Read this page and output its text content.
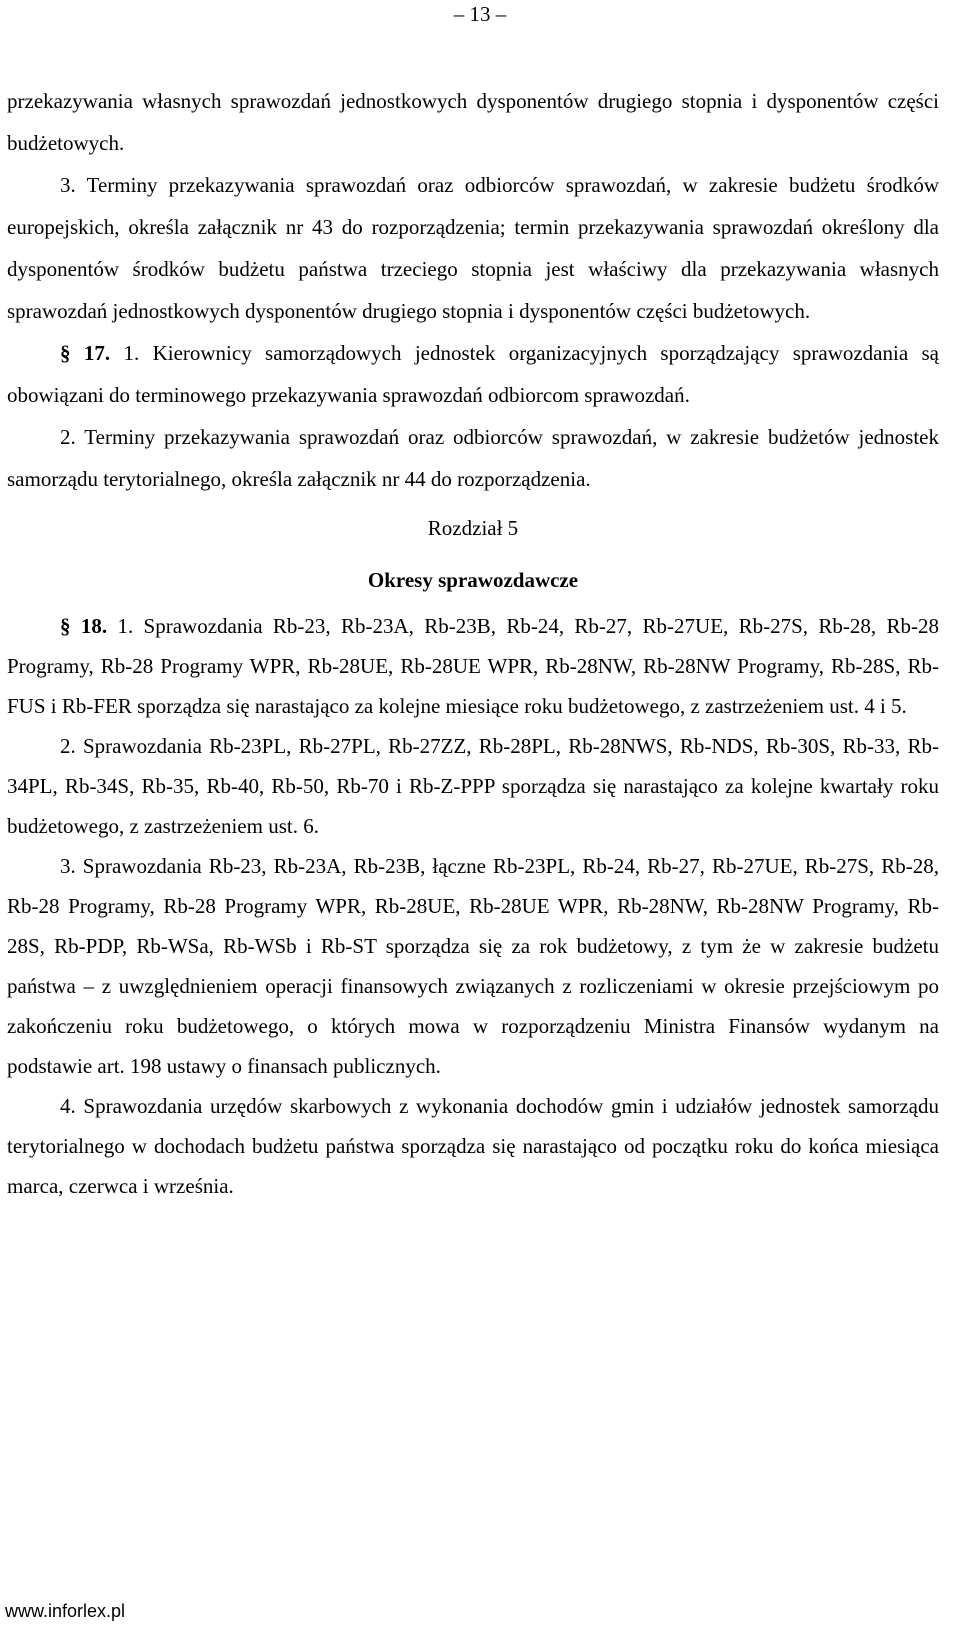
– 13 –

przekazywania własnych sprawozdań jednostkowych dysponentów drugiego stopnia i dysponentów części budżetowych.

3. Terminy przekazywania sprawozdań oraz odbiorców sprawozdań, w zakresie budżetu środków europejskich, określa załącznik nr 43 do rozporządzenia; termin przekazywania sprawozdań określony dla dysponentów środków budżetu państwa trzeciego stopnia jest właściwy dla przekazywania własnych sprawozdań jednostkowych dysponentów drugiego stopnia i dysponentów części budżetowych.

§ 17. 1. Kierownicy samorządowych jednostek organizacyjnych sporządzający sprawozdania są obowiązani do terminowego przekazywania sprawozdań odbiorcom sprawozdań.

2. Terminy przekazywania sprawozdań oraz odbiorców sprawozdań, w zakresie budżetów jednostek samorządu terytorialnego, określa załącznik nr 44 do rozporządzenia.

Rozdział 5

Okresy sprawozdawcze

§ 18. 1. Sprawozdania Rb-23, Rb-23A, Rb-23B, Rb-24, Rb-27, Rb-27UE, Rb-27S, Rb-28, Rb-28 Programy, Rb-28 Programy WPR, Rb-28UE, Rb-28UE WPR, Rb-28NW, Rb-28NW Programy, Rb-28S, Rb-FUS i Rb-FER sporządza się narastająco za kolejne miesiące roku budżetowego, z zastrzeżeniem ust. 4 i 5.

2. Sprawozdania Rb-23PL, Rb-27PL, Rb-27ZZ, Rb-28PL, Rb-28NWS, Rb-NDS, Rb-30S, Rb-33, Rb-34PL, Rb-34S, Rb-35, Rb-40, Rb-50, Rb-70 i Rb-Z-PPP sporządza się narastająco za kolejne kwartały roku budżetowego, z zastrzeżeniem ust. 6.

3. Sprawozdania Rb-23, Rb-23A, Rb-23B, łączne Rb-23PL, Rb-24, Rb-27, Rb-27UE, Rb-27S, Rb-28, Rb-28 Programy, Rb-28 Programy WPR, Rb-28UE, Rb-28UE WPR, Rb-28NW, Rb-28NW Programy, Rb-28S, Rb-PDP, Rb-WSa, Rb-WSb i Rb-ST sporządza się za rok budżetowy, z tym że w zakresie budżetu państwa – z uwzględnieniem operacji finansowych związanych z rozliczeniami w okresie przejściowym po zakończeniu roku budżetowego, o których mowa w rozporządzeniu Ministra Finansów wydanym na podstawie art. 198 ustawy o finansach publicznych.

4. Sprawozdania urzędów skarbowych z wykonania dochodów gmin i udziałów jednostek samorządu terytorialnego w dochodach budżetu państwa sporządza się narastająco od początku roku do końca miesiąca marca, czerwca i września.

www.inforlex.pl
